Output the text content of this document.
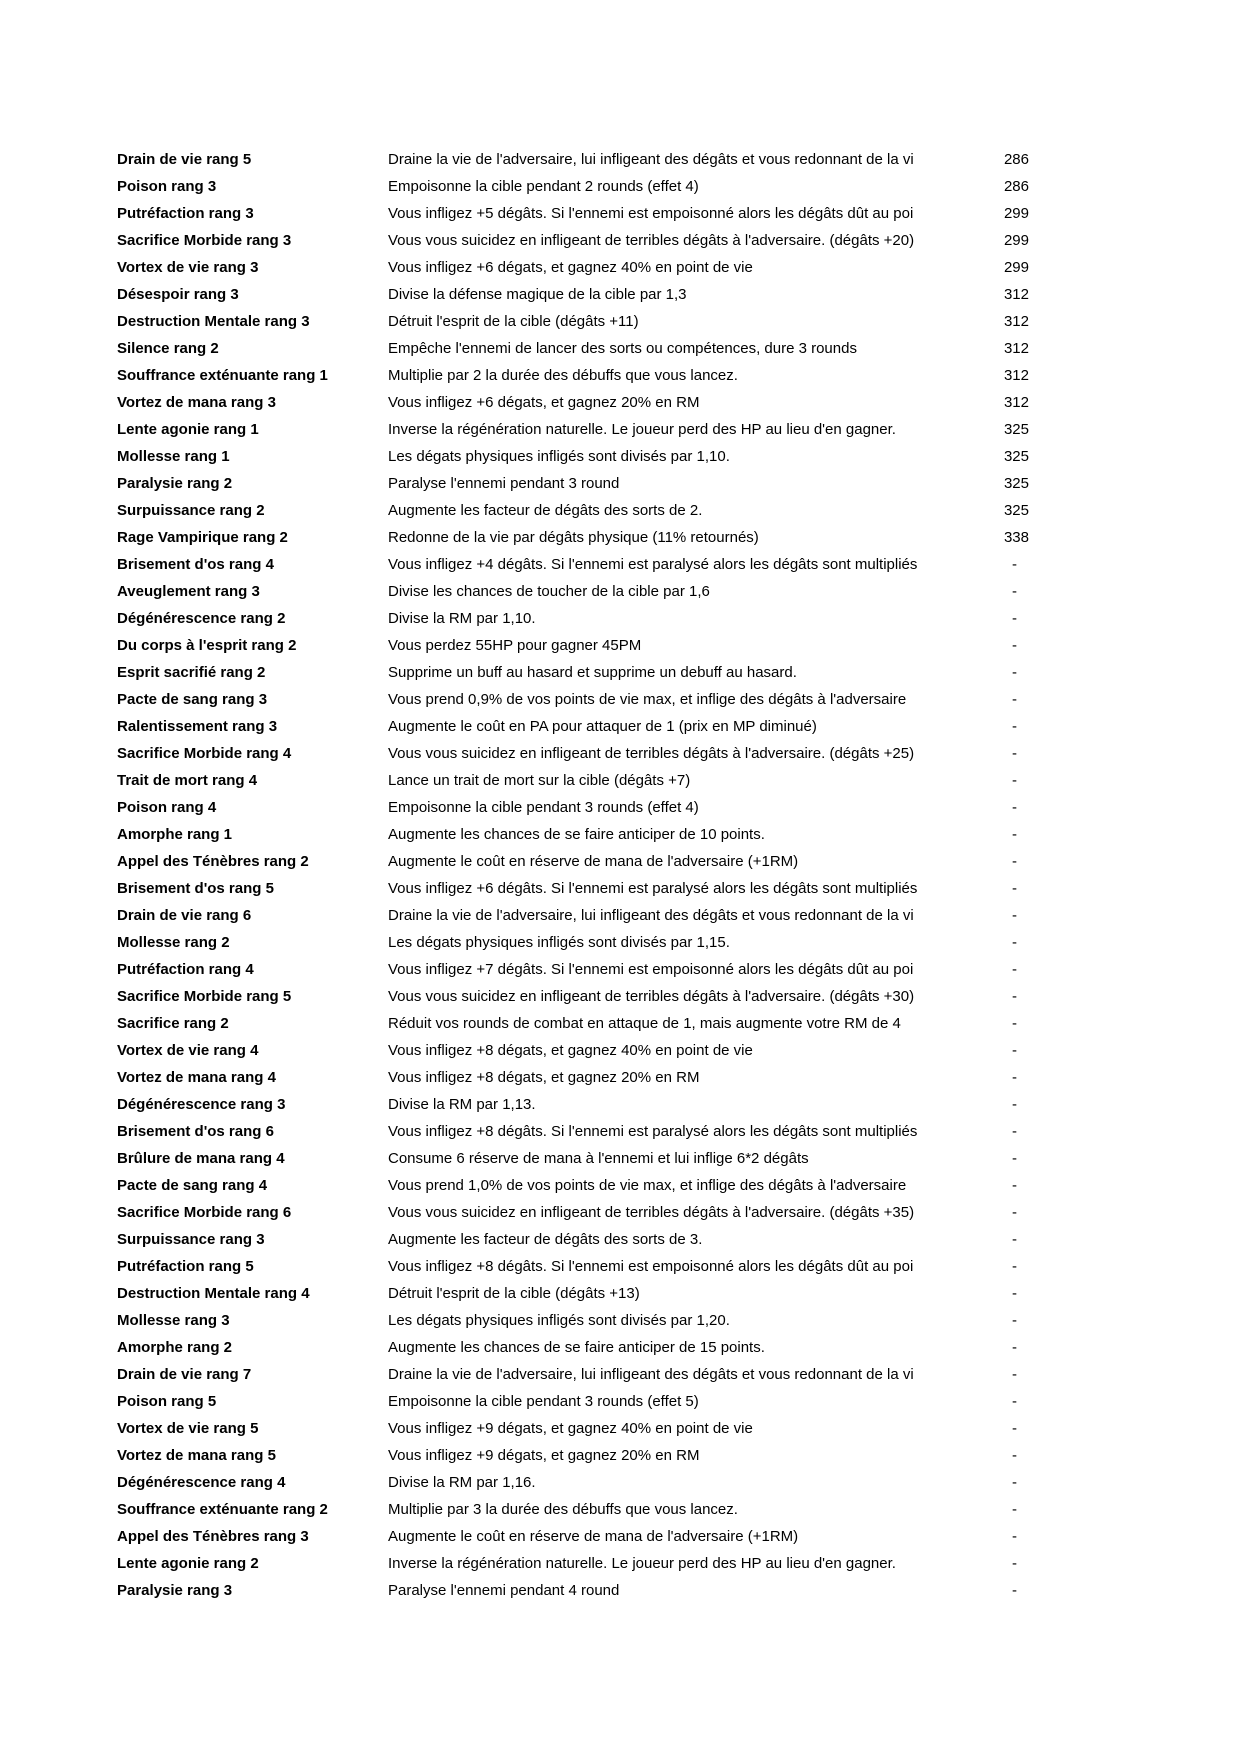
Drain de vie rang 5	Draine la vie de l'adversaire, lui infligeant des dégâts et vous redonnant de la vi	286
Poison rang 3	Empoisonne la cible pendant 2 rounds (effet 4)	286
Putréfaction rang 3	Vous infligez +5 dégâts. Si l'ennemi est empoisonné alors les dégâts dût au poi	299
Sacrifice Morbide rang 3	Vous vous suicidez en infligeant de terribles dégâts à l'adversaire. (dégâts +20)	299
Vortex de vie rang 3	Vous infligez +6 dégats, et gagnez 40% en point de vie	299
Désespoir rang 3	Divise la défense magique de la cible par 1,3	312
Destruction Mentale rang 3	Détruit l'esprit de la cible (dégâts +11)	312
Silence rang 2	Empêche l'ennemi de lancer des sorts ou compétences, dure 3 rounds	312
Souffrance exténuante rang 1	Multiplie par 2 la durée des débuffs que vous lancez.	312
Vortez de mana rang 3	Vous infligez +6 dégats, et gagnez 20% en RM	312
Lente agonie rang 1	Inverse la régénération naturelle. Le joueur perd des HP au lieu d'en gagner.	325
Mollesse rang 1	Les dégats physiques infligés sont divisés par 1,10.	325
Paralysie rang 2	Paralyse l'ennemi pendant 3 round	325
Surpuissance rang 2	Augmente les facteur de dégâts des sorts de 2.	325
Rage Vampirique rang 2	Redonne de la vie par dégâts physique (11% retournés)	338
Brisement d'os rang 4	Vous infligez +4 dégâts. Si l'ennemi est paralysé alors les dégâts sont multipliés	-
Aveuglement rang 3	Divise les chances de toucher de la cible par 1,6	-
Dégénérescence rang 2	Divise la RM par 1,10.	-
Du corps à l'esprit rang 2	Vous perdez 55HP pour gagner 45PM	-
Esprit sacrifié rang 2	Supprime un buff au hasard et supprime un debuff au hasard.	-
Pacte de sang rang 3	Vous prend 0,9% de vos points de vie max, et inflige des dégâts à l'adversaire	-
Ralentissement rang 3	Augmente le coût en PA pour attaquer de 1 (prix en MP diminué)	-
Sacrifice Morbide rang 4	Vous vous suicidez en infligeant de terribles dégâts à l'adversaire. (dégâts +25)	-
Trait de mort rang 4	Lance un trait de mort sur la cible (dégâts +7)	-
Poison rang 4	Empoisonne la cible pendant 3 rounds (effet 4)	-
Amorphe rang 1	Augmente les chances de se faire anticiper de 10 points.	-
Appel des Ténèbres rang 2	Augmente le coût en réserve de mana de l'adversaire (+1RM)	-
Brisement d'os rang 5	Vous infligez +6 dégâts. Si l'ennemi est paralysé alors les dégâts sont multipliés	-
Drain de vie rang 6	Draine la vie de l'adversaire, lui infligeant des dégâts et vous redonnant de la vi	-
Mollesse rang 2	Les dégats physiques infligés sont divisés par 1,15.	-
Putréfaction rang 4	Vous infligez +7 dégâts. Si l'ennemi est empoisonné alors les dégâts dût au poi	-
Sacrifice Morbide rang 5	Vous vous suicidez en infligeant de terribles dégâts à l'adversaire. (dégâts +30)	-
Sacrifice rang 2	Réduit vos rounds de combat en attaque de 1, mais augmente votre RM de 4	-
Vortex de vie rang 4	Vous infligez +8 dégats, et gagnez 40% en point de vie	-
Vortez de mana rang 4	Vous infligez +8 dégats, et gagnez 20% en RM	-
Dégénérescence rang 3	Divise la RM par 1,13.	-
Brisement d'os rang 6	Vous infligez +8 dégâts. Si l'ennemi est paralysé alors les dégâts sont multipliés	-
Brûlure de mana rang 4	Consume 6 réserve de mana à l'ennemi et lui inflige 6*2 dégâts	-
Pacte de sang rang 4	Vous prend 1,0% de vos points de vie max, et inflige des dégâts à l'adversaire	-
Sacrifice Morbide rang 6	Vous vous suicidez en infligeant de terribles dégâts à l'adversaire. (dégâts +35)	-
Surpuissance rang 3	Augmente les facteur de dégâts des sorts de 3.	-
Putréfaction rang 5	Vous infligez +8 dégâts. Si l'ennemi est empoisonné alors les dégâts dût au poi	-
Destruction Mentale rang 4	Détruit l'esprit de la cible (dégâts +13)	-
Mollesse rang 3	Les dégats physiques infligés sont divisés par 1,20.	-
Amorphe rang 2	Augmente les chances de se faire anticiper de 15 points.	-
Drain de vie rang 7	Draine la vie de l'adversaire, lui infligeant des dégâts et vous redonnant de la vi	-
Poison rang 5	Empoisonne la cible pendant 3 rounds (effet 5)	-
Vortex de vie rang 5	Vous infligez +9 dégats, et gagnez 40% en point de vie	-
Vortez de mana rang 5	Vous infligez +9 dégats, et gagnez 20% en RM	-
Dégénérescence rang 4	Divise la RM par 1,16.	-
Souffrance exténuante rang 2	Multiplie par 3 la durée des débuffs que vous lancez.	-
Appel des Ténèbres rang 3	Augmente le coût en réserve de mana de l'adversaire (+1RM)	-
Lente agonie rang 2	Inverse la régénération naturelle. Le joueur perd des HP au lieu d'en gagner.	-
Paralysie rang 3	Paralyse l'ennemi pendant 4 round	-
